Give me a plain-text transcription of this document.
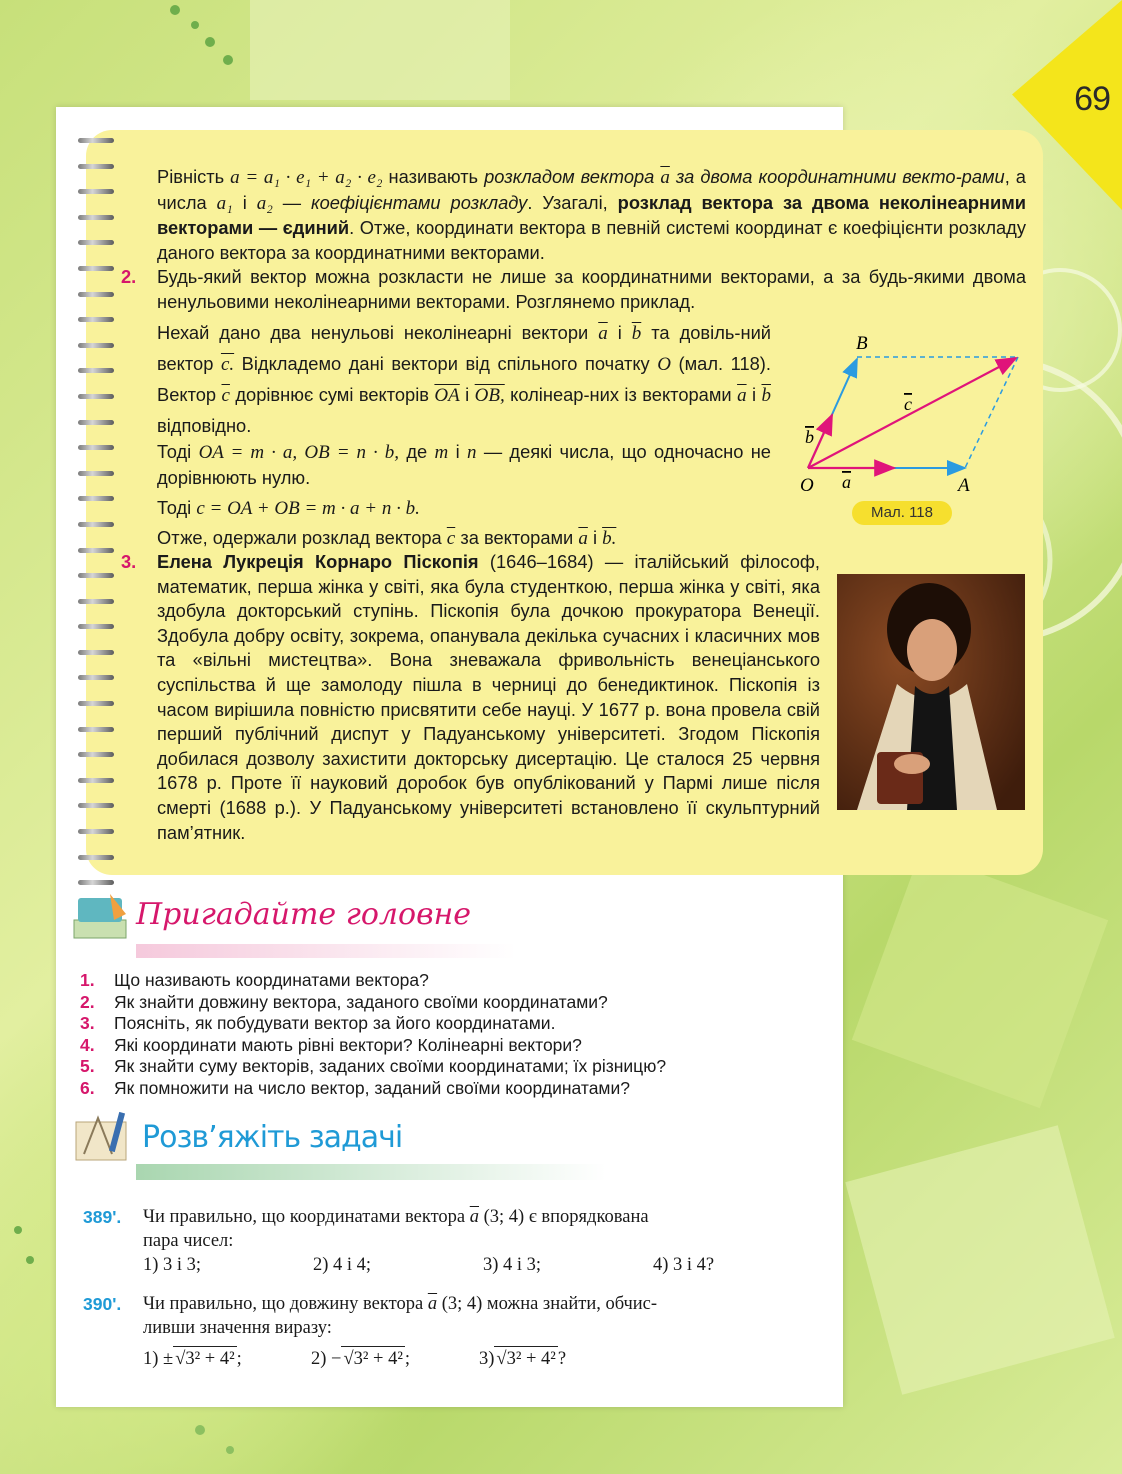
69
Рівність a = a₁ · e₁ + a₂ · e₂ називають розкладом вектора $\overline{a}$ за двома координатними векто-рами, а числа a₁ і a₂ — коефіцієнтами розкладу. Узагалі, розклад вектора за двома неколінеарними векторами — єдиний. Отже, координати вектора в певній системі координат є коефіцієнти розкладу даного вектора за координатними векторами.
2. Будь-який вектор можна розкласти не лише за координатними векторами, а за будь-якими двома ненульовими неколінеарними векторами. Розглянемо приклад.
Нехай дано два ненульові неколінеарні вектори $\overline{a}$ і $\overline{b}$ та довіль-ний вектор c. Відкладемо дані вектори від спільного початку O (мал. 118). Вектор $\overline{c}$ дорівнює сумі векторів $\overline{OA}$ і OB, колінеар-них із векторами $\overline{a}$ і $\overline{b}$ відповідно.
Тоді OA = m · a, OB = n · b, де m і n — деякі числа, що одночасно не дорівнюють нулю.
Тоді c = OA + OB = m · a + n · b.
Отже, одержали розклад вектора $\overline{c}$ за векторами $\overline{a}$ і b.
B
O	A
a
b
c
Мал. 118
3. Елена Лукреція Корнаро Піскопія (1646–1684) — італійський філософ, математик, перша жінка у світі, яка була студенткою, перша жінка у світі, яка здобула докторський ступінь. Піскопія була дочкою прокуратора Венеції. Здобула добру освіту, зокрема, опанувала декілька сучасних і класичних мов та «вільні мистецтва». Вона зневажала фривольність венеціанського суспільства й ще замолоду пішла в черниці до бенедиктинок. Піскопія із часом вирішила повністю присвятити себе науці. У 1677 р. вона провела свій перший публічний диспут у Падуанському університеті. Згодом Піскопія добилася дозволу захистити докторську дисертацію. Це сталося 25 червня 1678 р. Проте її науковий доробок був опублікований у Пармі лише після смерті (1688 р.). У Падуанському університеті встановлено її скульптурний пам’ятник.
Пригадайте головне
1. Що називають координатами вектора?
2. Як знайти довжину вектора, заданого своїми координатами?
3. Поясніть, як побудувати вектор за його координатами.
4. Які координати мають рівні вектори? Колінеарні вектори?
5. Як знайти суму векторів, заданих своїми координатами; їх різницю?
6. Як помножити на число вектор, заданий своїми координатами?
Розв’яжіть задачі
389'. Чи правильно, що координатами вектора $\overline{a}$ (3; 4) є впорядкована
пара чисел:
1) 3 і 3;	2) 4 і 4;	3) 4 і 3;	4) 3 і 4?
390'. Чи правильно, що довжину вектора $\overline{a}$ (3; 4) можна знайти, обчис-
ливши значення виразу:
1) ± √3² + 4²;	2) − √3² + 4²;	3)√3² + 4²?
